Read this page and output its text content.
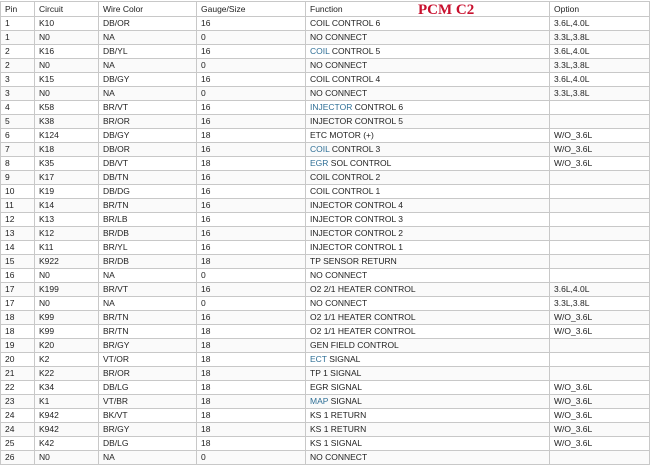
Pin	Circuit	Wire Color	Gauge/Size	Function	Option
1	K10	DB/OR	16	COIL CONTROL 6	3.6L,4.0L
1	N0	NA	0	NO CONNECT	3.3L,3.8L
2	K16	DB/YL	16	COIL CONTROL 5	3.6L,4.0L
2	N0	NA	0	NO CONNECT	3.3L,3.8L
3	K15	DB/GY	16	COIL CONTROL 4	3.6L,4.0L
3	N0	NA	0	NO CONNECT	3.3L,3.8L
4	K58	BR/VT	16	INJECTOR CONTROL 6	
5	K38	BR/OR	16	INJECTOR CONTROL 5	
6	K124	DB/GY	18	ETC MOTOR (+)	W/O_3.6L
7	K18	DB/OR	16	COIL CONTROL 3	W/O_3.6L
8	K35	DB/VT	18	EGR SOL CONTROL	W/O_3.6L
9	K17	DB/TN	16	COIL CONTROL 2	
10	K19	DB/DG	16	COIL CONTROL 1	
11	K14	BR/TN	16	INJECTOR CONTROL 4	
12	K13	BR/LB	16	INJECTOR CONTROL 3	
13	K12	BR/DB	16	INJECTOR CONTROL 2	
14	K11	BR/YL	16	INJECTOR CONTROL 1	
15	K922	BR/DB	18	TP SENSOR RETURN	
16	N0	NA	0	NO CONNECT	
17	K199	BR/VT	16	O2 2/1 HEATER CONTROL	3.6L,4.0L
17	N0	NA	0	NO CONNECT	3.3L,3.8L
18	K99	BR/TN	16	O2 1/1 HEATER CONTROL	W/O_3.6L
18	K99	BR/TN	18	O2 1/1 HEATER CONTROL	W/O_3.6L
19	K20	BR/GY	18	GEN FIELD CONTROL	
20	K2	VT/OR	18	ECT SIGNAL	
21	K22	BR/OR	18	TP 1 SIGNAL	
22	K34	DB/LG	18	EGR SIGNAL	W/O_3.6L
23	K1	VT/BR	18	MAP SIGNAL	W/O_3.6L
24	K942	BK/VT	18	KS 1 RETURN	W/O_3.6L
24	K942	BR/GY	18	KS 1 RETURN	W/O_3.6L
25	K42	DB/LG	18	KS 1 SIGNAL	W/O_3.6L
26	N0	NA	0	NO CONNECT	
PCM C2
